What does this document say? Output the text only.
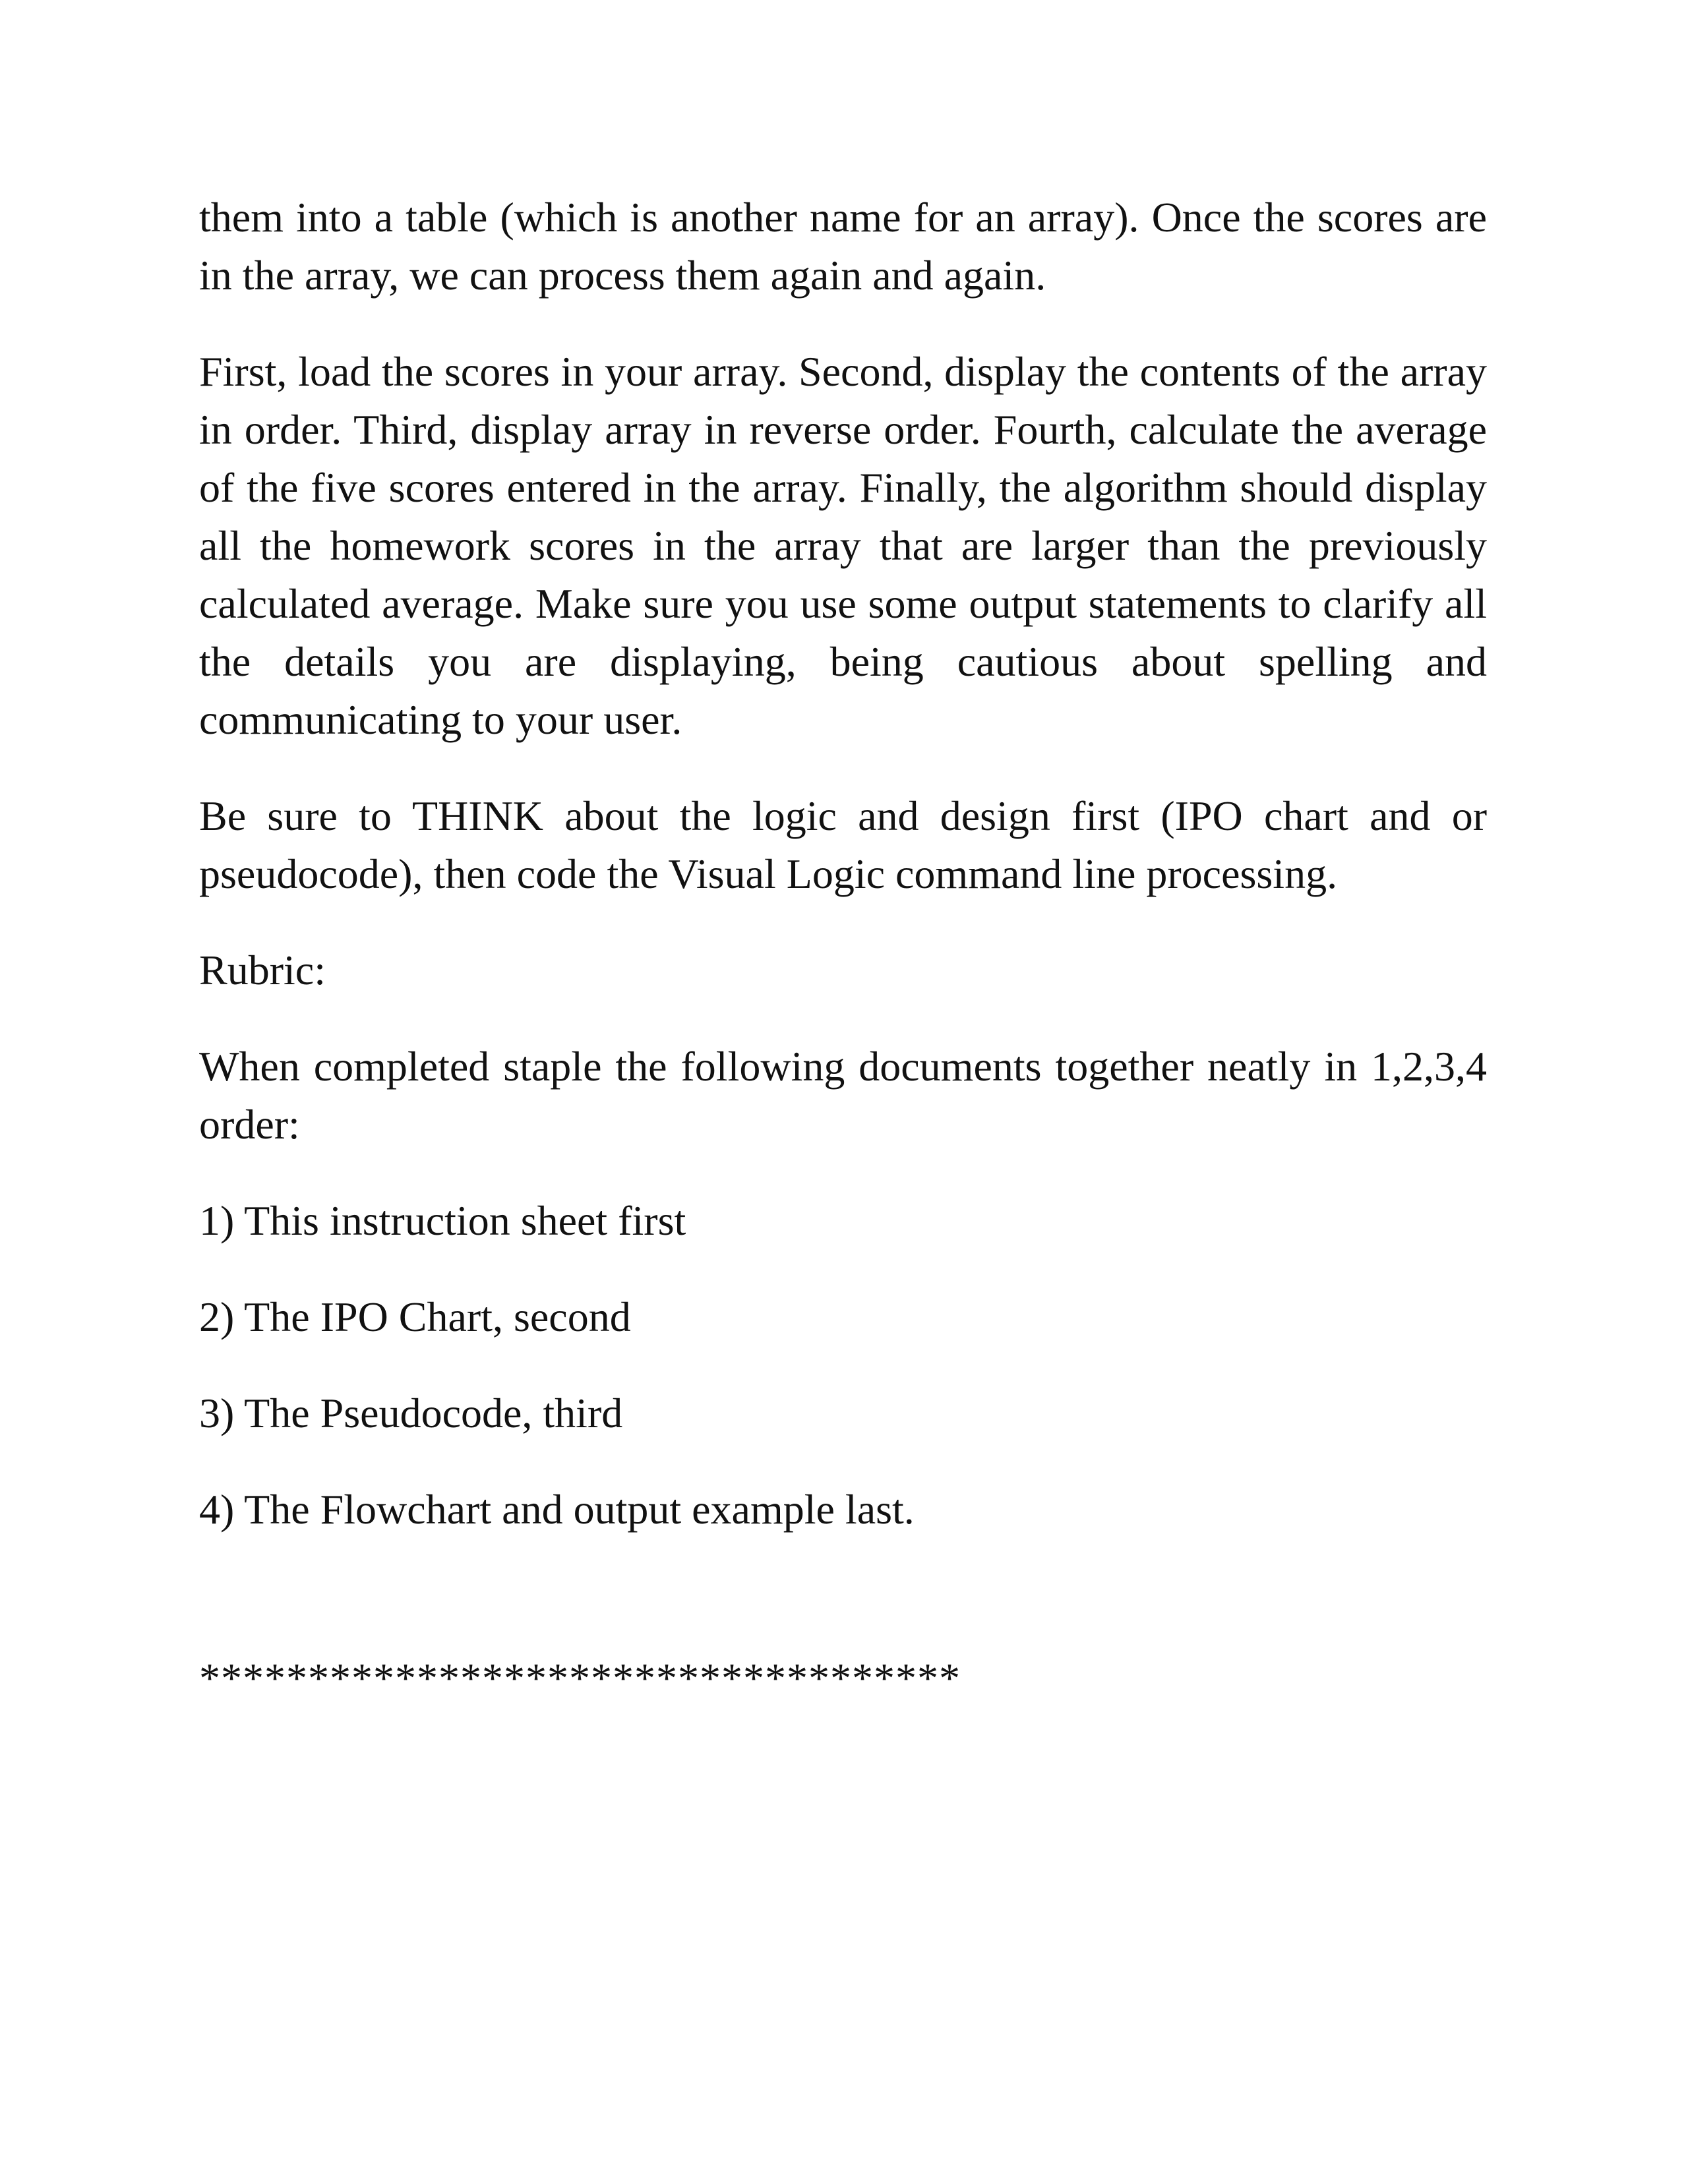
them into a table (which is another name for an array). Once the scores are in the array, we can process them again and again.

First, load the scores in your array. Second, display the contents of the array in order. Third, display array in reverse order. Fourth, calculate the average of the five scores entered in the array. Finally, the algorithm should display all the homework scores in the array that are larger than the previously calculated average. Make sure you use some output statements to clarify all the details you are displaying, being cautious about spelling and communicating to your user.

Be sure to THINK about the logic and design first (IPO chart and or pseudocode), then code the Visual Logic command line processing.

Rubric:

When completed staple the following documents together neatly in 1,2,3,4 order:

1) This instruction sheet first

2) The IPO Chart, second

3) The Pseudocode, third

4) The Flowchart and output example last.

***********************************
